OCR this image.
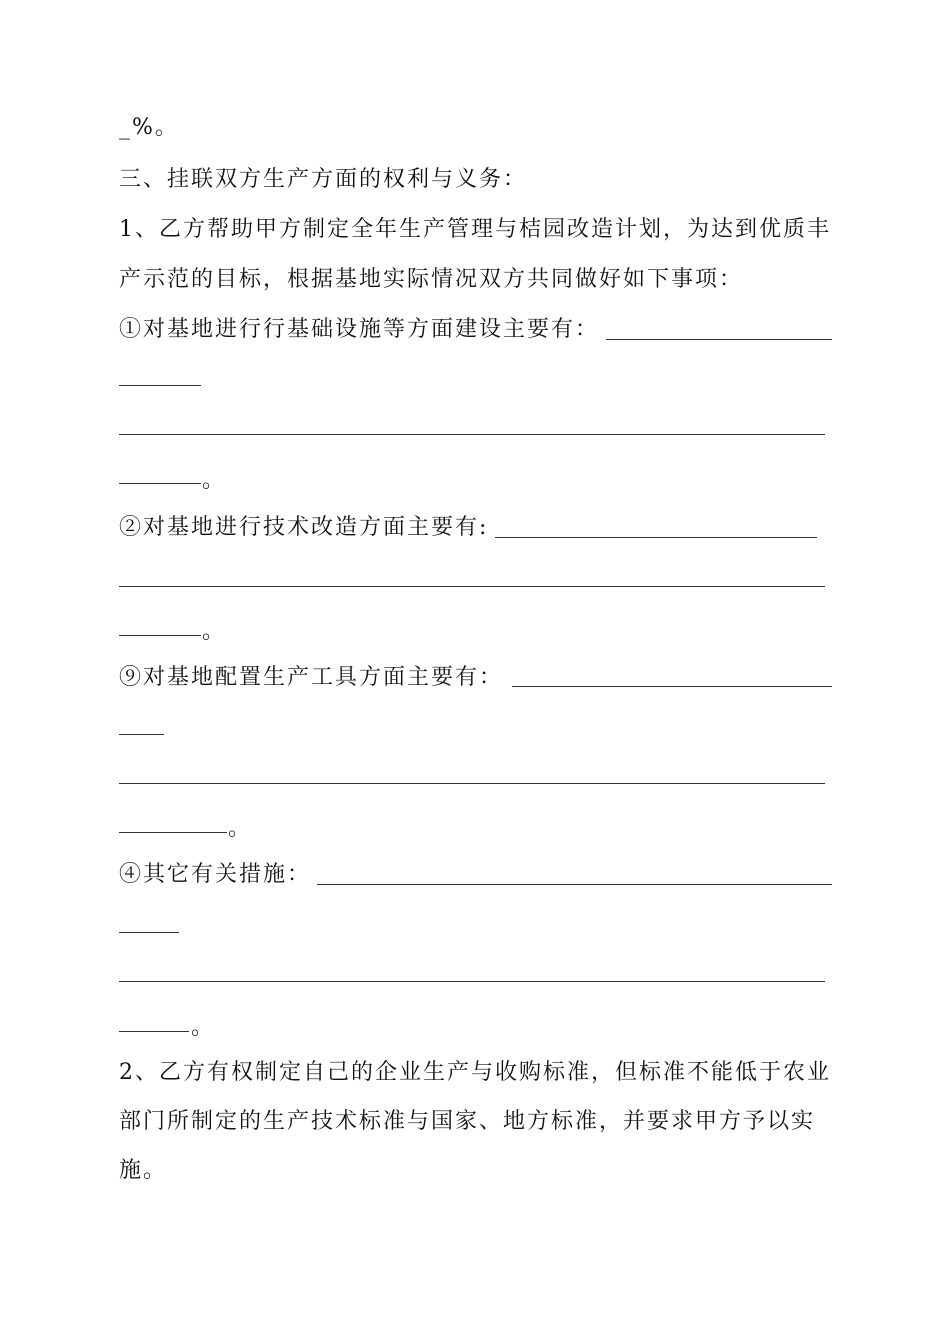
_%。
三、挂联双方生产方面的权利与义务：
1、乙方帮助甲方制定全年生产管理与桔园改造计划，为达到优质丰
产示范的目标，根据基地实际情况双方共同做好如下事项：
①对基地进行行基础设施等方面建设主要有：
。
②对基地进行技术改造方面主要有:
。
⑨对基地配置生产工具方面主要有：
。
④其它有关措施：
。
2、乙方有权制定自己的企业生产与收购标准，但标准不能低于农业
部门所制定的生产技术标准与国家、地方标准，并要求甲方予以实
施。
